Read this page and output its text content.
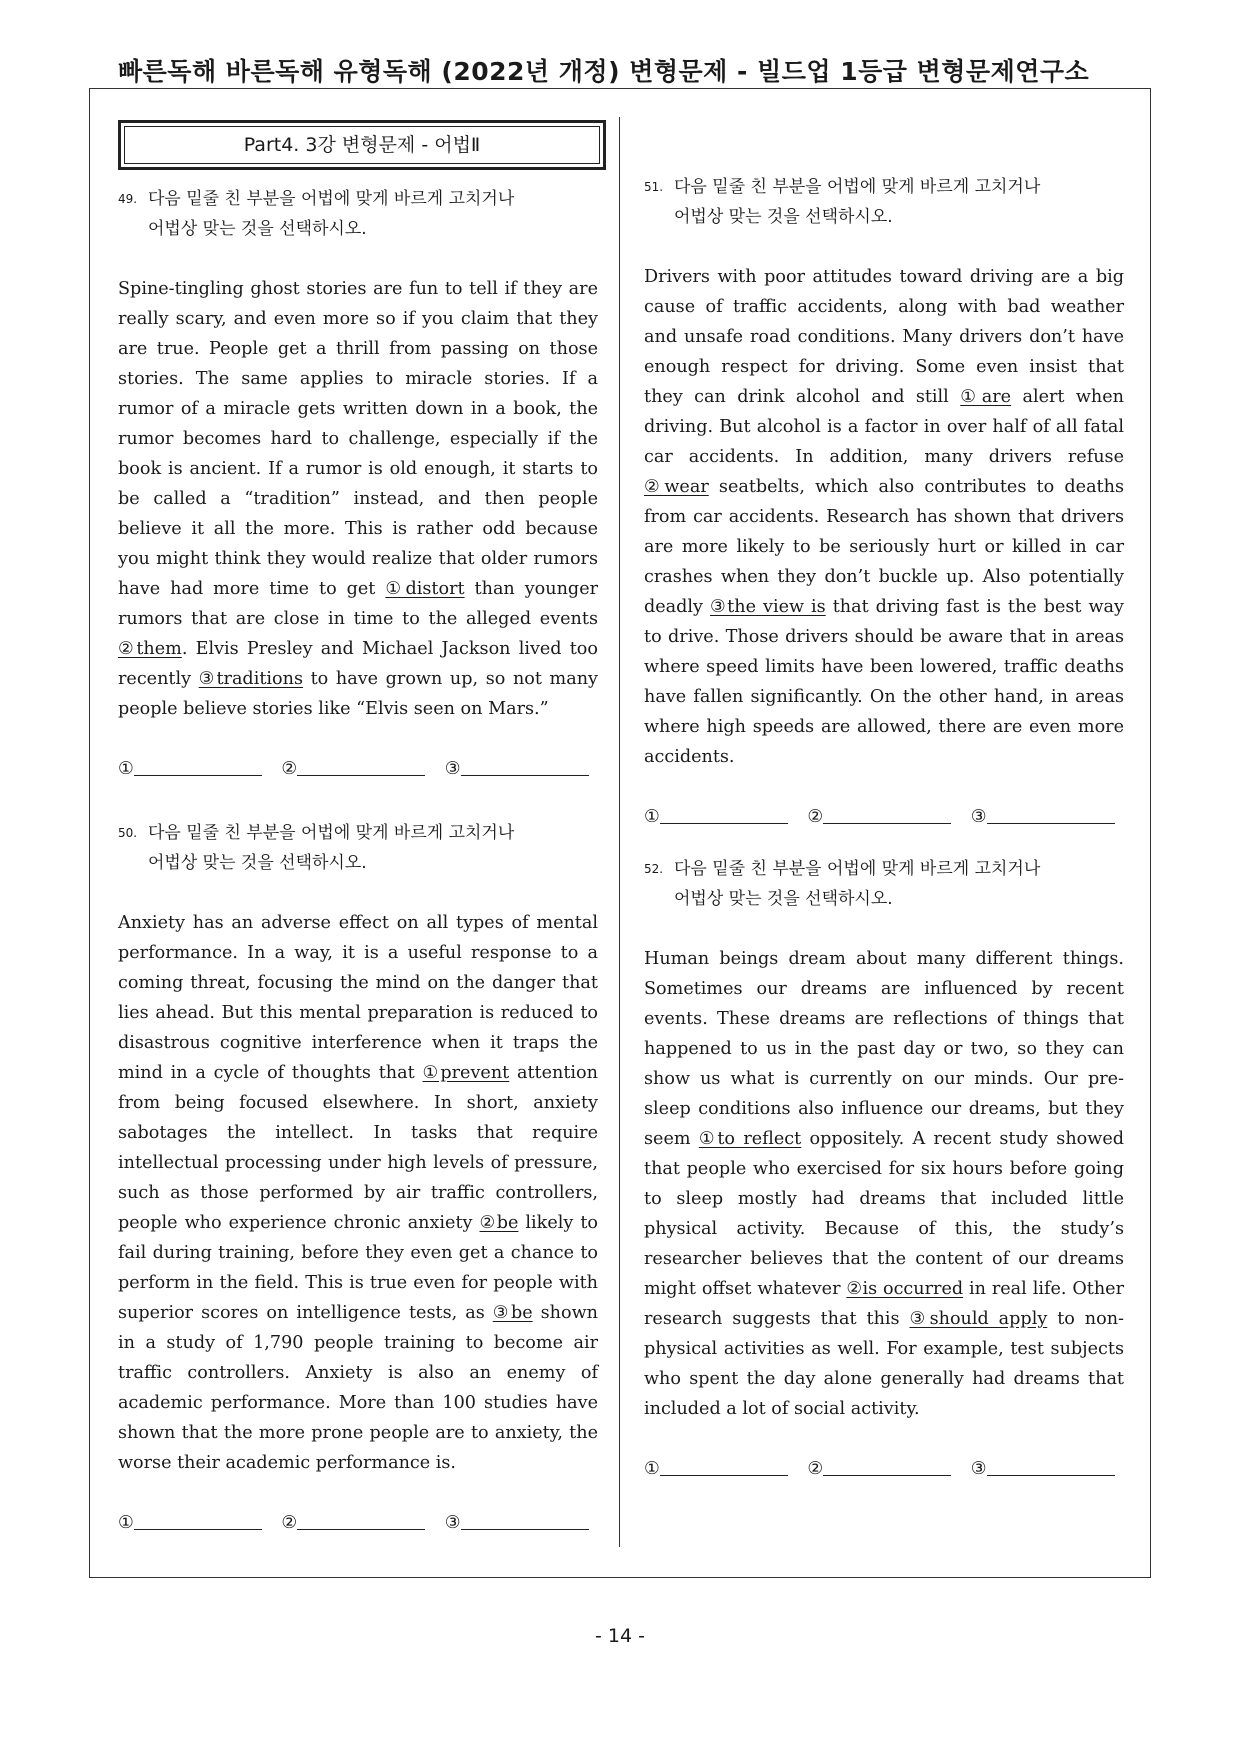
빠른독해 바른독해 유형독해 (2022년 개정) 변형문제 - 빌드업 1등급 변형문제연구소
Part4. 3강 변형문제 - 어법Ⅱ
49. 다음 밑줄 친 부분을 어법에 맞게 바르게 고치거나
어법상 맞는 것을 선택하시오.
Spine-tingling ghost stories are fun to tell if they are really scary, and even more so if you claim that they are true. People get a thrill from passing on those stories. The same applies to miracle stories. If a rumor of a miracle gets written down in a book, the rumor becomes hard to challenge, especially if the book is ancient. If a rumor is old enough, it starts to be called a “tradition” instead, and then people believe it all the more. This is rather odd because you might think they would realize that older rumors have had more time to get ①distort than younger rumors that are close in time to the alleged events ②them. Elvis Presley and Michael Jackson lived too recently ③traditions to have grown up, so not many people believe stories like “Elvis seen on Mars.”
①	②	③
50. 다음 밑줄 친 부분을 어법에 맞게 바르게 고치거나
어법상 맞는 것을 선택하시오.
Anxiety has an adverse effect on all types of mental performance. In a way, it is a useful response to a coming threat, focusing the mind on the danger that lies ahead. But this mental preparation is reduced to disastrous cognitive interference when it traps the mind in a cycle of thoughts that ①prevent attention from being focused elsewhere. In short, anxiety sabotages the intellect. In tasks that require intellectual processing under high levels of pressure, such as those performed by air traffic controllers, people who experience chronic anxiety ②be likely to fail during training, before they even get a chance to perform in the field. This is true even for people with superior scores on intelligence tests, as ③be shown in a study of 1,790 people training to become air traffic controllers. Anxiety is also an enemy of academic performance. More than 100 studies have shown that the more prone people are to anxiety, the worse their academic performance is.
①	②	③
51. 다음 밑줄 친 부분을 어법에 맞게 바르게 고치거나
어법상 맞는 것을 선택하시오.
Drivers with poor attitudes toward driving are a big cause of traffic accidents, along with bad weather and unsafe road conditions. Many drivers don’t have enough respect for driving. Some even insist that they can drink alcohol and still ①are alert when driving. But alcohol is a factor in over half of all fatal car accidents. In addition, many drivers refuse ②wear seatbelts, which also contributes to deaths from car accidents. Research has shown that drivers are more likely to be seriously hurt or killed in car crashes when they don’t buckle up. Also potentially deadly ③the view is that driving fast is the best way to drive. Those drivers should be aware that in areas where speed limits have been lowered, traffic deaths have fallen significantly. On the other hand, in areas where high speeds are allowed, there are even more accidents.
①	②	③
52. 다음 밑줄 친 부분을 어법에 맞게 바르게 고치거나
어법상 맞는 것을 선택하시오.
Human beings dream about many different things. Sometimes our dreams are influenced by recent events. These dreams are reflections of things that happened to us in the past day or two, so they can show us what is currently on our minds. Our pre-sleep conditions also influence our dreams, but they seem ①to reflect oppositely. A recent study showed that people who exercised for six hours before going to sleep mostly had dreams that included little physical activity. Because of this, the study’s researcher believes that the content of our dreams might offset whatever ②is occurred in real life. Other research suggests that this ③should apply to non-physical activities as well. For example, test subjects who spent the day alone generally had dreams that included a lot of social activity.
①	②	③
- 14 -
